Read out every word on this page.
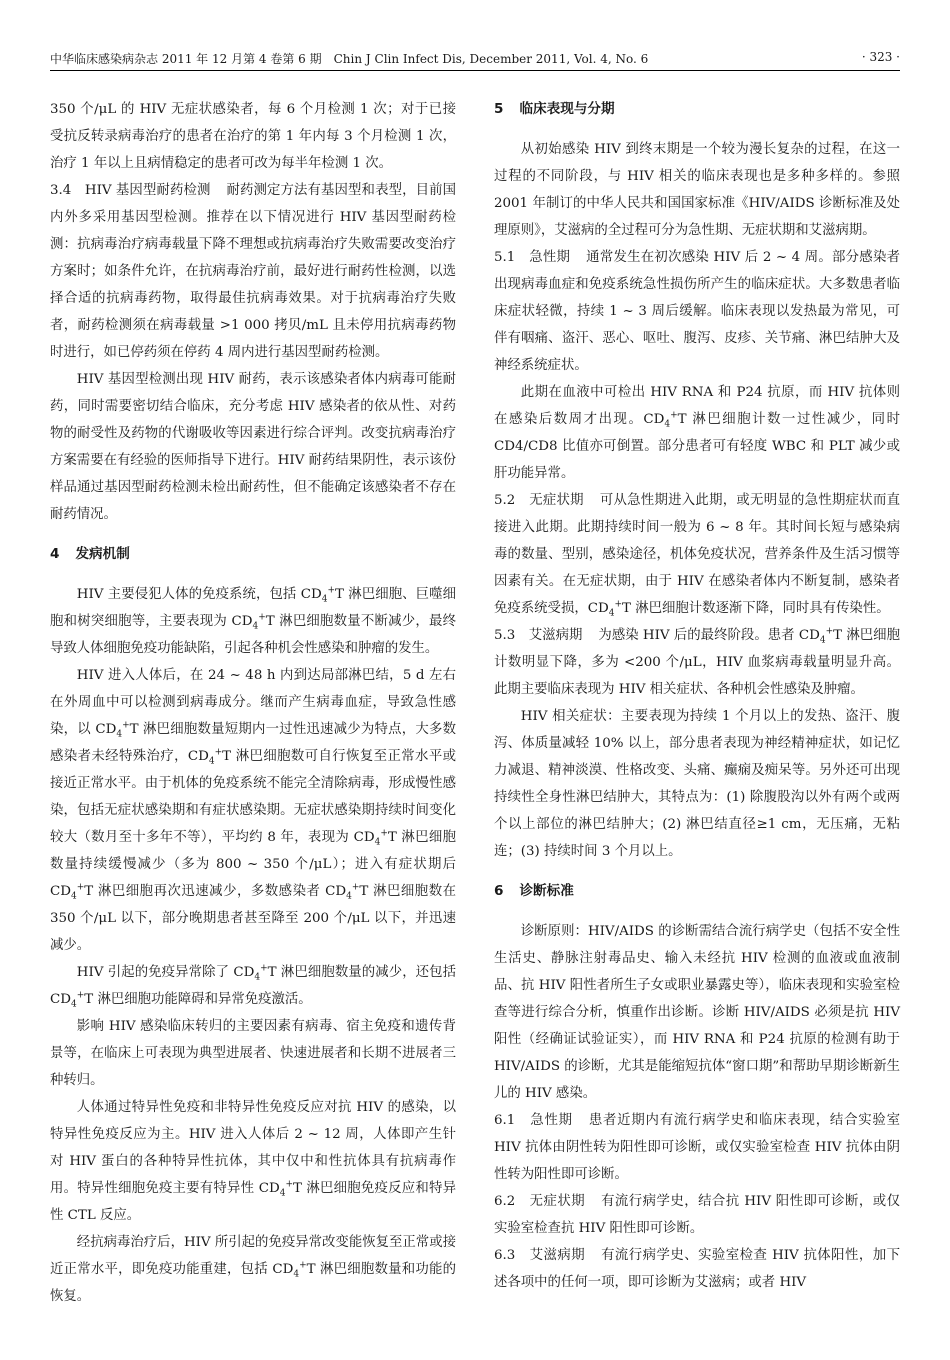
中华临床感染病杂志 2011 年 12 月第 4 卷第 6 期　Chin J Clin Infect Dis, December 2011, Vol. 4, No. 6	· 323 ·

350 个/μL 的 HIV 无症状感染者，每 6 个月检测 1 次；对于已接受抗反转录病毒治疗的患者在治疗的第 1 年内每 3 个月检测 1 次，治疗 1 年以上且病情稳定的患者可改为每半年检测 1 次。

3.4　HIV 基因型耐药检测 耐药测定方法有基因型和表型，目前国内外多采用基因型检测。推荐在以下情况进行 HIV 基因型耐药检测：抗病毒治疗病毒载量下降不理想或抗病毒治疗失败需要改变治疗方案时；如条件允许，在抗病毒治疗前，最好进行耐药性检测，以选择合适的抗病毒药物，取得最佳抗病毒效果。对于抗病毒治疗失败者，耐药检测须在病毒载量 >1 000 拷贝/mL 且未停用抗病毒药物时进行，如已停药须在停药 4 周内进行基因型耐药检测。

HIV 基因型检测出现 HIV 耐药，表示该感染者体内病毒可能耐药，同时需要密切结合临床，充分考虑 HIV 感染者的依从性、对药物的耐受性及药物的代谢吸收等因素进行综合评判。改变抗病毒治疗方案需要在有经验的医师指导下进行。HIV 耐药结果阴性，表示该份样品通过基因型耐药检测未检出耐药性，但不能确定该感染者不存在耐药情况。

4 发病机制

HIV 主要侵犯人体的免疫系统，包括 $CD_4^+T$ 淋巴细胞、巨噬细胞和树突细胞等，主要表现为 $CD_4^+T$ 淋巴细胞数量不断减少，最终导致人体细胞免疫功能缺陷，引起各种机会性感染和肿瘤的发生。

HIV 进入人体后，在 24 ~ 48 h 内到达局部淋巴结，5 d 左右在外周血中可以检测到病毒成分。继而产生病毒血症，导致急性感染，以 $CD_4^+T$ 淋巴细胞数量短期内一过性迅速减少为特点，大多数感染者未经特殊治疗，$CD_4^+T$ 淋巴细胞数可自行恢复至正常水平或接近正常水平。由于机体的免疫系统不能完全清除病毒，形成慢性感染，包括无症状感染期和有症状感染期。无症状感染期持续时间变化较大（数月至十多年不等），平均约 8 年，表现为 $CD_4^+T$ 淋巴细胞数量持续缓慢减少（多为 800 ~ 350 个/μL）；进入有症状期后 $CD_4^+T$ 淋巴细胞再次迅速减少，多数感染者 $CD_4^+T$ 淋巴细胞数在 350 个/μL 以下，部分晚期患者甚至降至 200 个/μL 以下，并迅速减少。

HIV 引起的免疫异常除了 $CD_4^+T$ 淋巴细胞数量的减少，还包括 $CD_4^+T$ 淋巴细胞功能障碍和异常免疫激活。

影响 HIV 感染临床转归的主要因素有病毒、宿主免疫和遗传背景等，在临床上可表现为典型进展者、快速进展者和长期不进展者三种转归。

人体通过特异性免疫和非特异性免疫反应对抗 HIV 的感染，以特异性免疫反应为主。HIV 进入人体后 2 ~ 12 周，人体即产生针对 HIV 蛋白的各种特异性抗体，其中仅中和性抗体具有抗病毒作用。特异性细胞免疫主要有特异性 $CD_4^+T$ 淋巴细胞免疫反应和特异性 CTL 反应。

经抗病毒治疗后，HIV 所引起的免疫异常改变能恢复至正常或接近正常水平，即免疫功能重建，包括 $CD_4^+T$ 淋巴细胞数量和功能的恢复。

5 临床表现与分期

从初始感染 HIV 到终末期是一个较为漫长复杂的过程，在这一过程的不同阶段，与 HIV 相关的临床表现也是多种多样的。参照 2001 年制订的中华人民共和国国家标准《HIV/AIDS 诊断标准及处理原则》，艾滋病的全过程可分为急性期、无症状期和艾滋病期。

5.1　急性期 通常发生在初次感染 HIV 后 2 ~ 4 周。部分感染者出现病毒血症和免疫系统急性损伤所产生的临床症状。大多数患者临床症状轻微，持续 1 ~ 3 周后缓解。临床表现以发热最为常见，可伴有咽痛、盗汗、恶心、呕吐、腹泻、皮疹、关节痛、淋巴结肿大及神经系统症状。

此期在血液中可检出 HIV RNA 和 P24 抗原，而 HIV 抗体则在感染后数周才出现。$CD_4^+T$ 淋巴细胞计数一过性减少，同时 CD4/CD8 比值亦可倒置。部分患者可有轻度 WBC 和 PLT 减少或肝功能异常。

5.2　无症状期 可从急性期进入此期，或无明显的急性期症状而直接进入此期。此期持续时间一般为 6 ~ 8 年。其时间长短与感染病毒的数量、型别，感染途径，机体免疫状况，营养条件及生活习惯等因素有关。在无症状期，由于 HIV 在感染者体内不断复制，感染者免疫系统受损，$CD_4^+T$ 淋巴细胞计数逐渐下降，同时具有传染性。

5.3　艾滋病期 为感染 HIV 后的最终阶段。患者 $CD_4^+T$ 淋巴细胞计数明显下降，多为 <200 个/μL，HIV 血浆病毒载量明显升高。此期主要临床表现为 HIV 相关症状、各种机会性感染及肿瘤。

HIV 相关症状：主要表现为持续 1 个月以上的发热、盗汗、腹泻、体质量减轻 10% 以上，部分患者表现为神经精神症状，如记忆力减退、精神淡漠、性格改变、头痛、癫痫及痴呆等。另外还可出现持续性全身性淋巴结肿大，其特点为：(1) 除腹股沟以外有两个或两个以上部位的淋巴结肿大；(2) 淋巴结直径≥1 cm，无压痛，无粘连；(3) 持续时间 3 个月以上。

6 诊断标准

诊断原则：HIV/AIDS 的诊断需结合流行病学史（包括不安全性生活史、静脉注射毒品史、输入未经抗 HIV 检测的血液或血液制品、抗 HIV 阳性者所生子女或职业暴露史等），临床表现和实验室检查等进行综合分析，慎重作出诊断。诊断 HIV/AIDS 必须是抗 HIV 阳性（经确证试验证实），而 HIV RNA 和 P24 抗原的检测有助于 HIV/AIDS 的诊断，尤其是能缩短抗体“窗口期”和帮助早期诊断新生儿的 HIV 感染。

6.1　急性期 患者近期内有流行病学史和临床表现，结合实验室 HIV 抗体由阴性转为阳性即可诊断，或仅实验室检查 HIV 抗体由阴性转为阳性即可诊断。

6.2　无症状期 有流行病学史，结合抗 HIV 阳性即可诊断，或仅实验室检查抗 HIV 阳性即可诊断。

6.3　艾滋病期 有流行病学史、实验室检查 HIV 抗体阳性，加下述各项中的任何一项，即可诊断为艾滋病；或者 HIV
